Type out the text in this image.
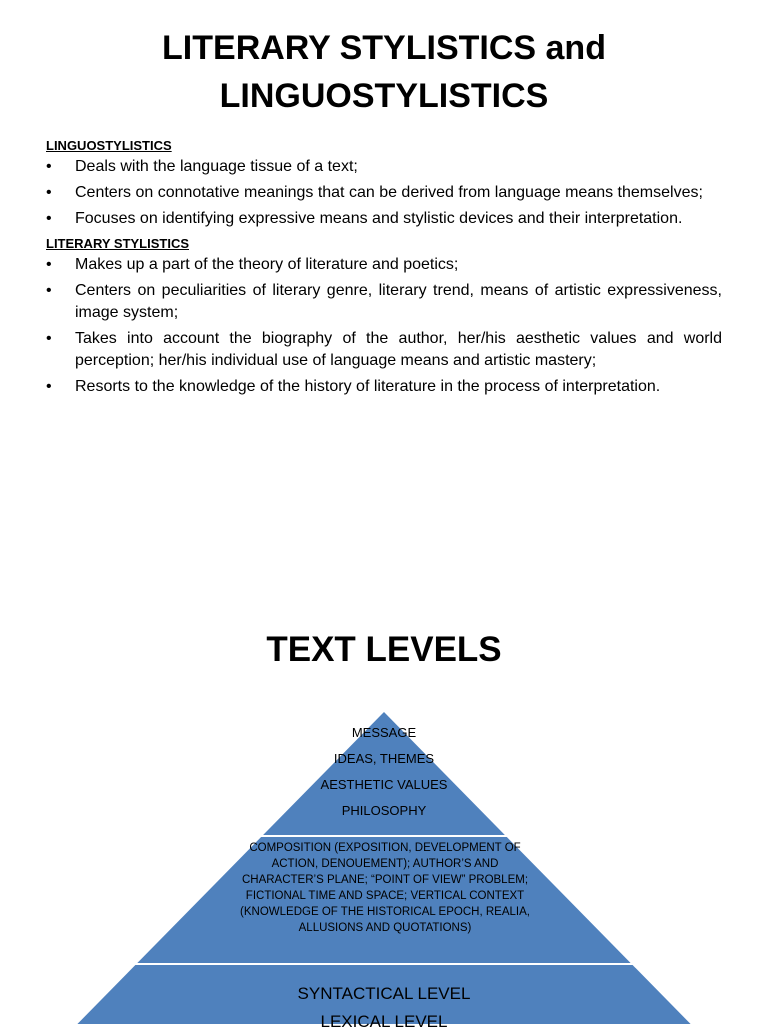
LITERARY STYLISTICS and
LINGUOSTYLISTICS
LINGUOSTYLISTICS
• Deals with the language tissue of a text;
• Centers on connotative meanings that can be derived from language means themselves;
• Focuses on identifying expressive means and stylistic devices and their interpretation.
LITERARY STYLISTICS
• Makes up a part of the theory of literature and poetics;
• Centers on peculiarities of literary genre, literary trend, means of artistic expressiveness, image system;
• Takes into account the biography of the author, her/his aesthetic values and world perception; her/his individual use of language means and artistic mastery;
• Resorts to the knowledge of the history of literature in the process of interpretation.
TEXT LEVELS
MESSAGE
IDEAS, THEMES
AESTHETIC VALUES
PHILOSOPHY
COMPOSITION (EXPOSITION, DEVELOPMENT OF ACTION, DENOUEMENT); AUTHOR’S AND CHARACTER’S PLANE; “POINT OF VIEW” PROBLEM; FICTIONAL TIME AND SPACE; VERTICAL CONTEXT (KNOWLEDGE OF THE HISTORICAL EPOCH, REALIA, ALLUSIONS AND QUOTATIONS)
SYNTACTICAL LEVEL
LEXICAL LEVEL
